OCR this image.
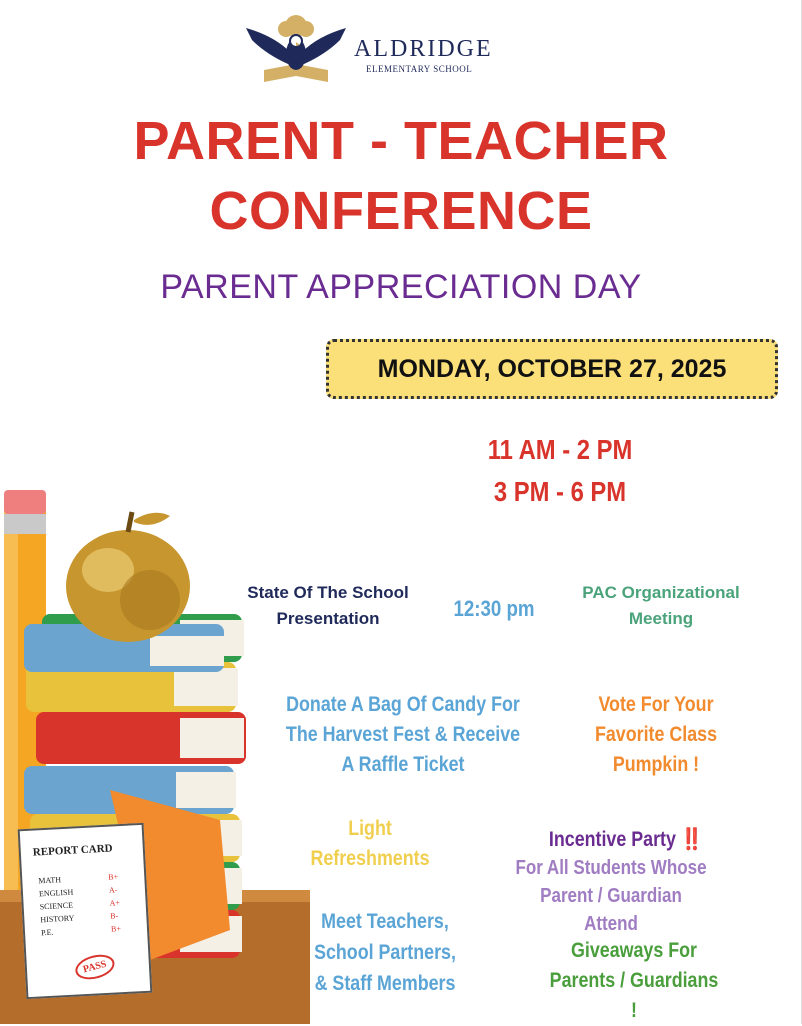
ALDRIDGE
ELEMENTARY SCHOOL
PARENT - TEACHER
CONFERENCE
PARENT APPRECIATION DAY
MONDAY, OCTOBER 27, 2025
11 AM - 2 PM
3 PM - 6 PM
State Of The School Presentation	12:30 pm
PAC Organizational Meeting
Donate A Bag Of Candy For The Harvest Fest & Receive A Raffle Ticket
Vote For Your Favorite Class Pumpkin !
Light Refreshments
Incentive Party ‼️
For All Students Whose Parent / Guardian Attend
Meet Teachers, School Partners, & Staff Members
Giveaways For Parents / Guardians !
REPORT CARD
MATH
ENGLISH
SCIENCE
HISTORY
P.E.
B+
A-
A+
B-
B+
PASS
